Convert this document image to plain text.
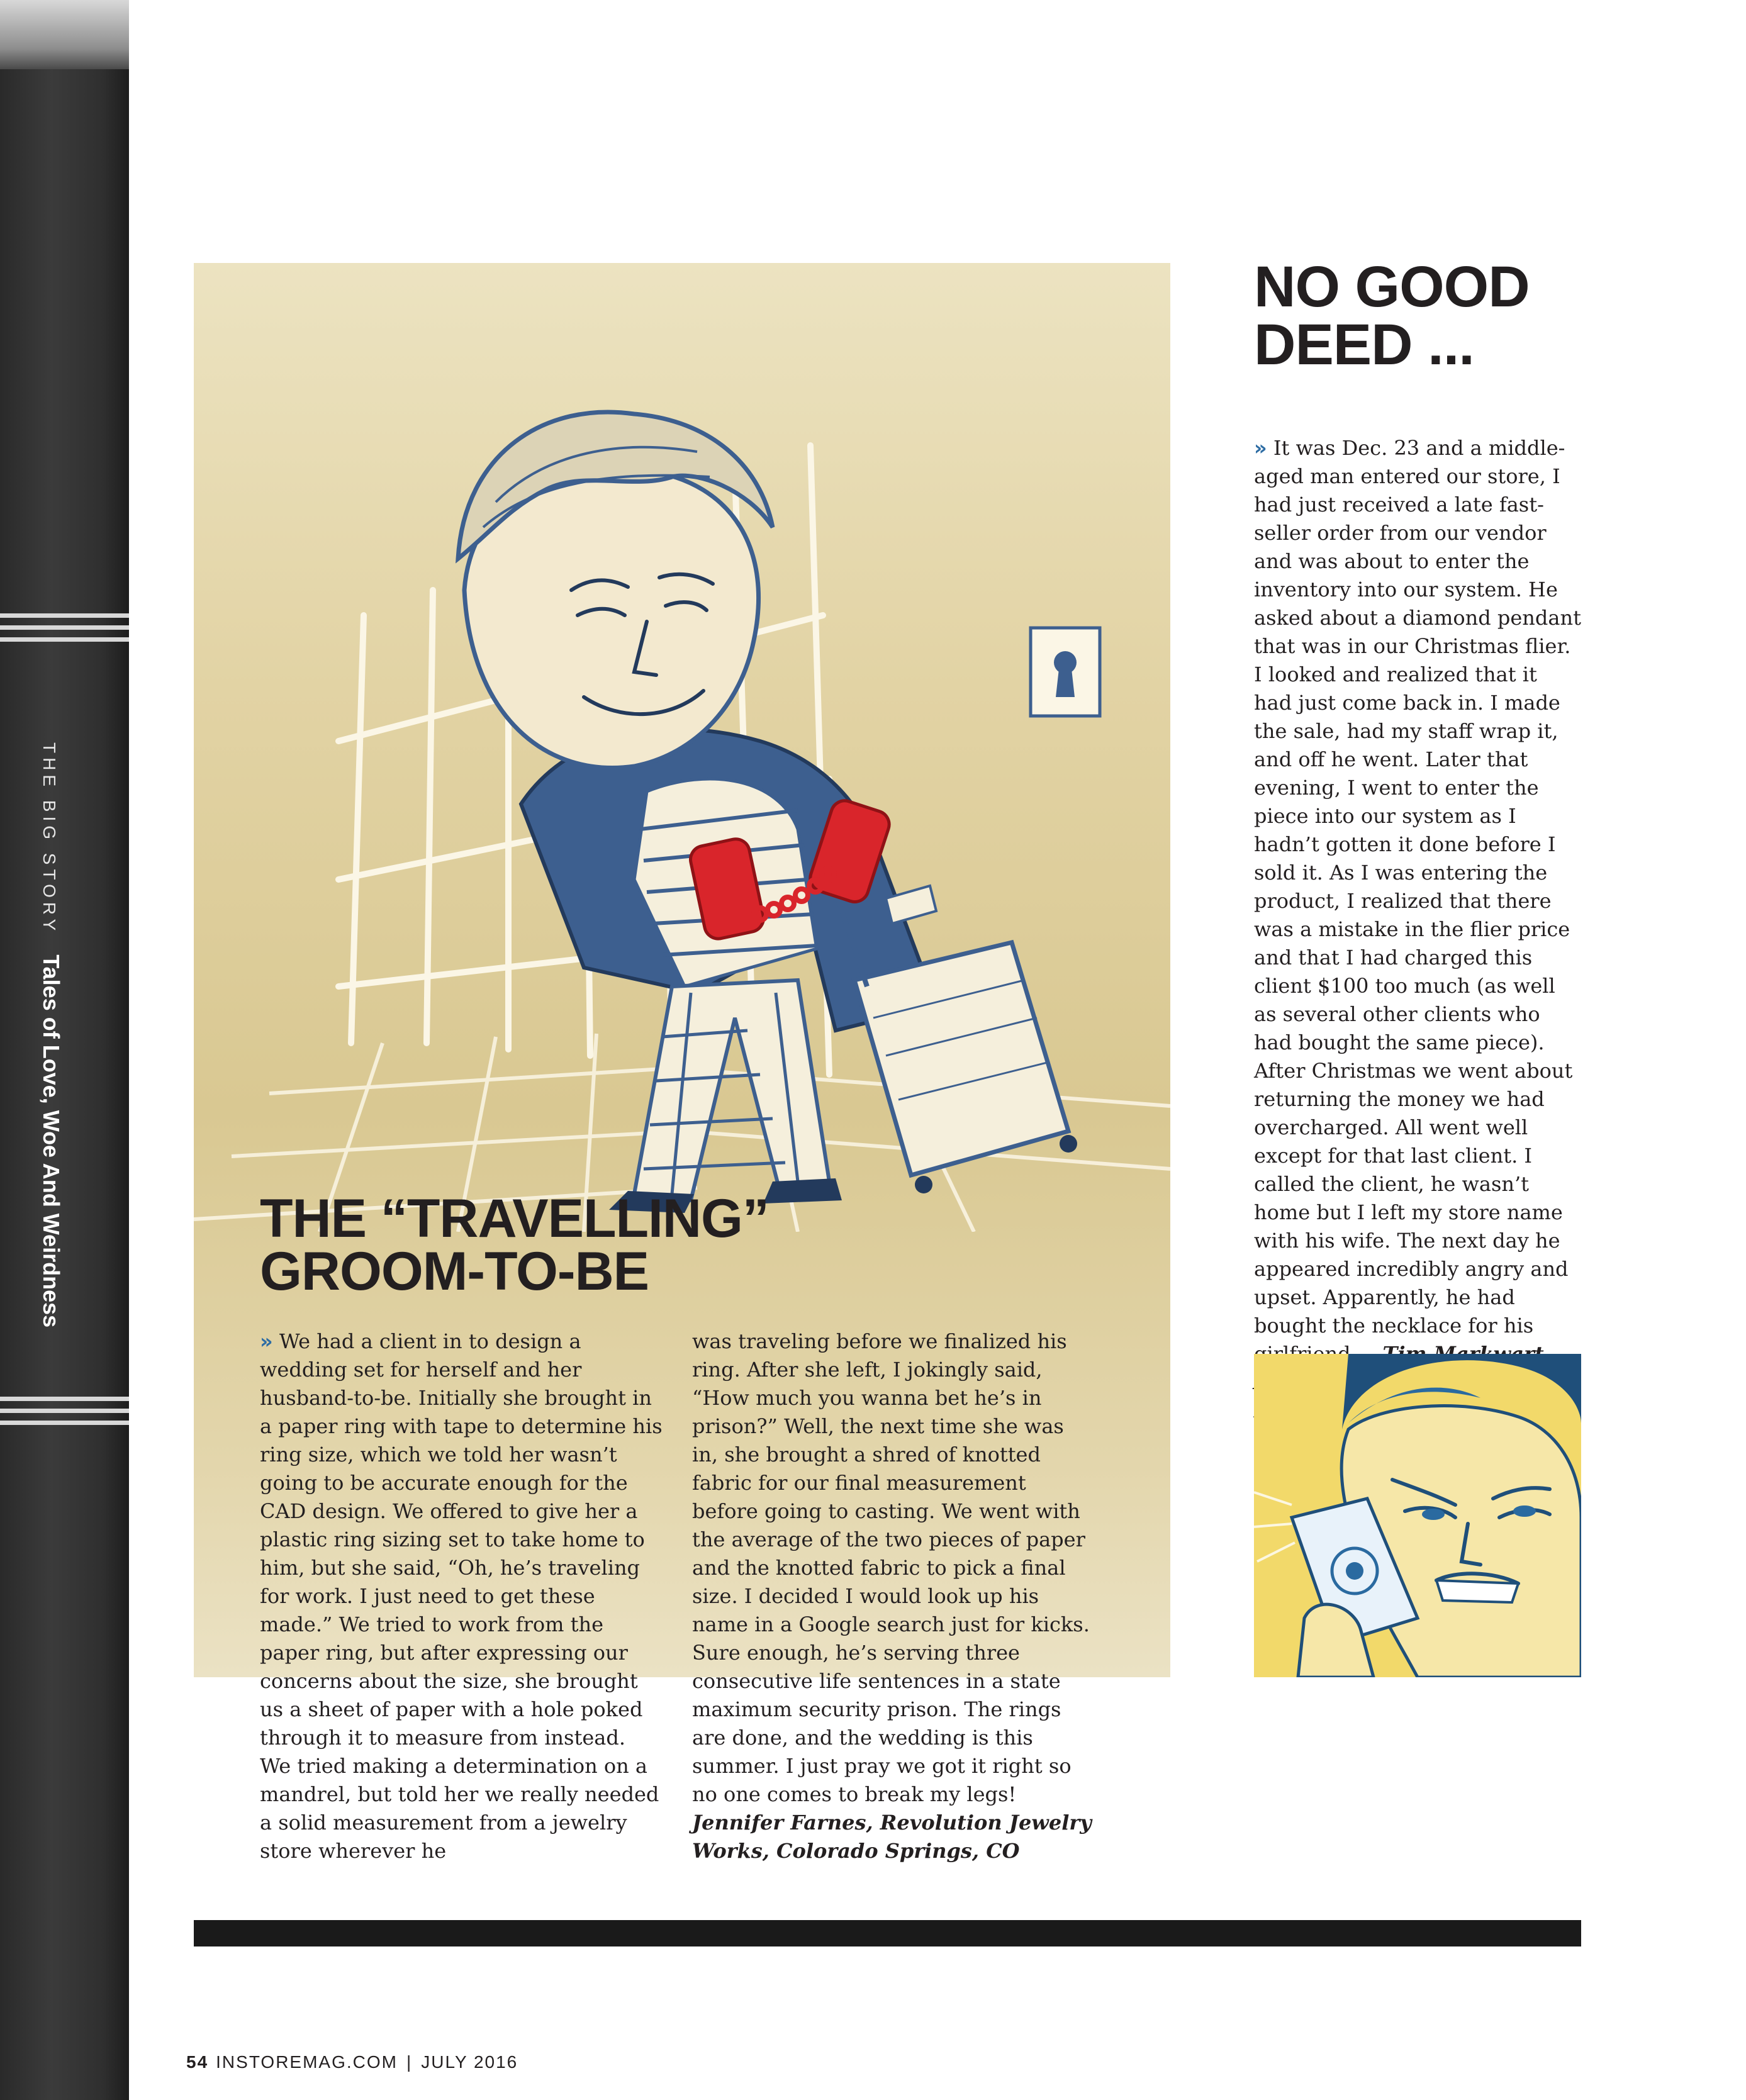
THE BIG STORY Tales of Love, Woe And Weirdness	THE “TRAVELLING”
GROOM-TO-BE

» We had a client in to design a wedding set for herself and her husband-to-be. Initially she brought in a paper ring with tape to determine his ring size, which we told her wasn’t going to be accurate enough for the CAD design. We offered to give her a plastic ring sizing set to take home to him, but she said, “Oh, he’s traveling for work. I just need to get these made.” We tried to work from the paper ring, but after expressing our concerns about the size, she brought us a sheet of paper with a hole poked through it to measure from instead. We tried making a determination on a mandrel, but told her we really needed a solid measurement from a jewelry store wherever he

was traveling before we finalized his ring. After she left, I jokingly said, “How much you wanna bet he’s in prison?” Well, the next time she was in, she brought a shred of knotted fabric for our final measurement before going to casting. We went with the average of the two pieces of paper and the knotted fabric to pick a final size. I decided I would look up his name in a Google search just for kicks. Sure enough, he’s serving three consecutive life sentences in a state maximum security prison. The rings are done, and the wedding is this summer. I just pray we got it right so no one comes to break my legs! Jennifer Farnes, Revolution Jewelry Works, Colorado Springs, CO

NO GOOD
DEED ...

» It was Dec. 23 and a middle-aged man entered our store, I had just received a late fast-seller order from our vendor and was about to enter the inventory into our system. He asked about a diamond pendant that was in our Christmas flier. I looked and realized that it had just come back in. I made the sale, had my staff wrap it, and off he went. Later that evening, I went to enter the piece into our system as I hadn’t gotten it done before I sold it. As I was entering the product, I realized that there was a mistake in the flier price and that I had charged this client $100 too much (as well as several other clients who had bought the same piece). After Christmas we went about returning the money we had overcharged. All went well except for that last client. I called the client, he wasn’t home but I left my store name with his wife. The next day he appeared incredibly angry and upset. Apparently, he had bought the necklace for his

54 INSTOREMAG.COM | JULY 2016
